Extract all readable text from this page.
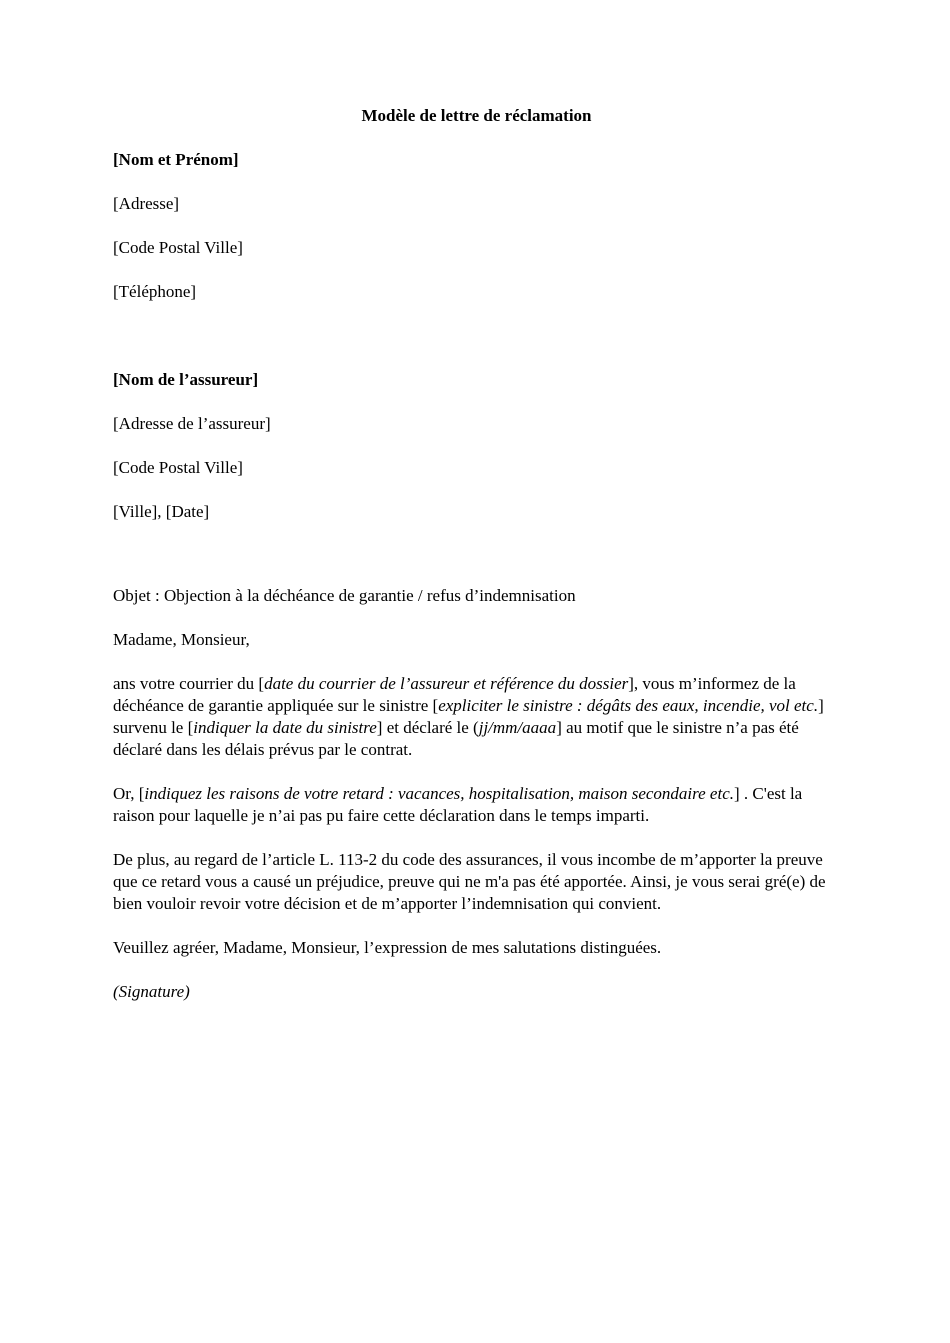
Modèle de lettre de réclamation

[Nom et Prénom]

[Adresse]

[Code Postal Ville]

[Téléphone]

[Nom de l’assureur]

[Adresse de l’assureur]

[Code Postal Ville]

[Ville], [Date]

Objet : Objection à la déchéance de garantie / refus d’indemnisation

Madame, Monsieur,

ans votre courrier du [date du courrier de l’assureur et référence du dossier], vous m’informez de la déchéance de garantie appliquée sur le sinistre [expliciter le sinistre : dégâts des eaux, incendie, vol etc.] survenu le [indiquer la date du sinistre] et déclaré le (jj/mm/aaaa] au motif que le sinistre n’a pas été déclaré dans les délais prévus par le contrat.

Or, [indiquez les raisons de votre retard : vacances, hospitalisation, maison secondaire etc.] . C'est la raison pour laquelle je n’ai pas pu faire cette déclaration dans le temps imparti.

De plus, au regard de l’article L. 113-2 du code des assurances, il vous incombe de m’apporter la preuve que ce retard vous a causé un préjudice, preuve qui ne m'a pas été apportée. Ainsi, je vous serai gré(e) de bien vouloir revoir votre décision et de m’apporter l’indemnisation qui convient.

Veuillez agréer, Madame, Monsieur, l’expression de mes salutations distinguées.

(Signature)
